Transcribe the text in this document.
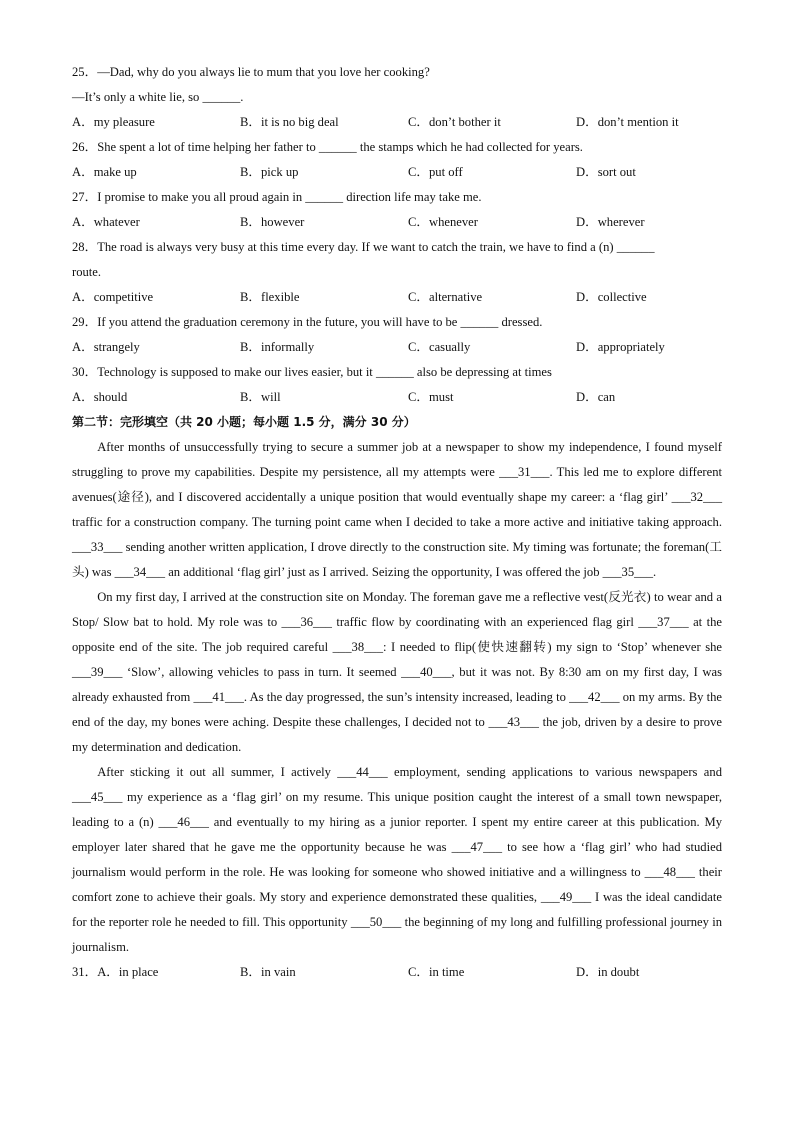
25．—Dad, why do you always lie to mum that you love her cooking?
—It’s only a white lie, so ______.
A．my pleasure	B．it is no big deal	C．don’t bother it	D．don’t mention it
26．She spent a lot of time helping her father to ______ the stamps which he had collected for years.
A．make up	B．pick up	C．put off	D．sort out
27．I promise to make you all proud again in ______ direction life may take me.
A．whatever	B．however	C．whenever	D．wherever
28．The road is always very busy at this time every day. If we want to catch the train, we have to find a (n) ______
route.
A．competitive	B．flexible	C．alternative	D．collective
29．If you attend the graduation ceremony in the future, you will have to be ______ dressed.
A．strangely	B．informally	C．casually	D．appropriately
30．Technology is supposed to make our lives easier, but it ______ also be depressing at times
A．should	B．will	C．must	D．can
第二节：完形填空（共 20 小题；每小题 1.5 分，满分 30 分）
After months of unsuccessfully trying to secure a summer job at a newspaper to show my independence, I found myself struggling to prove my capabilities. Despite my persistence, all my attempts were ___31___. This led me to explore different avenues(途径), and I discovered accidentally a unique position that would eventually shape my career: a ‘flag girl’ ___32___ traffic for a construction company. The turning point came when I decided to take a more active and initiative taking approach. ___33___ sending another written application, I drove directly to the construction site. My timing was fortunate; the foreman(工头) was ___34___ an additional ‘flag girl’ just as I arrived. Seizing the opportunity, I was offered the job ___35___.
On my first day, I arrived at the construction site on Monday. The foreman gave me a reflective vest(反光衣) to wear and a Stop/ Slow bat to hold. My role was to ___36___ traffic flow by coordinating with an experienced flag girl ___37___ at the opposite end of the site. The job required careful ___38___: I needed to flip(使快速翻转) my sign to ‘Stop’ whenever she ___39___ ‘Slow’, allowing vehicles to pass in turn. It seemed ___40___, but it was not. By 8:30 am on my first day, I was already exhausted from ___41___. As the day progressed, the sun’s intensity increased, leading to ___42___ on my arms. By the end of the day, my bones were aching. Despite these challenges, I decided not to ___43___ the job, driven by a desire to prove my determination and dedication.
After sticking it out all summer, I actively ___44___ employment, sending applications to various newspapers and ___45___ my experience as a ‘flag girl’ on my resume. This unique position caught the interest of a small town newspaper, leading to a (n) ___46___ and eventually to my hiring as a junior reporter. I spent my entire career at this publication. My employer later shared that he gave me the opportunity because he was ___47___ to see how a ‘flag girl’ who had studied journalism would perform in the role. He was looking for someone who showed initiative and a willingness to ___48___ their comfort zone to achieve their goals. My story and experience demonstrated these qualities, ___49___ I was the ideal candidate for the reporter role he needed to fill. This opportunity ___50___ the beginning of my long and fulfilling professional journey in journalism.
31．A．in place	B．in vain	C．in time	D．in doubt
